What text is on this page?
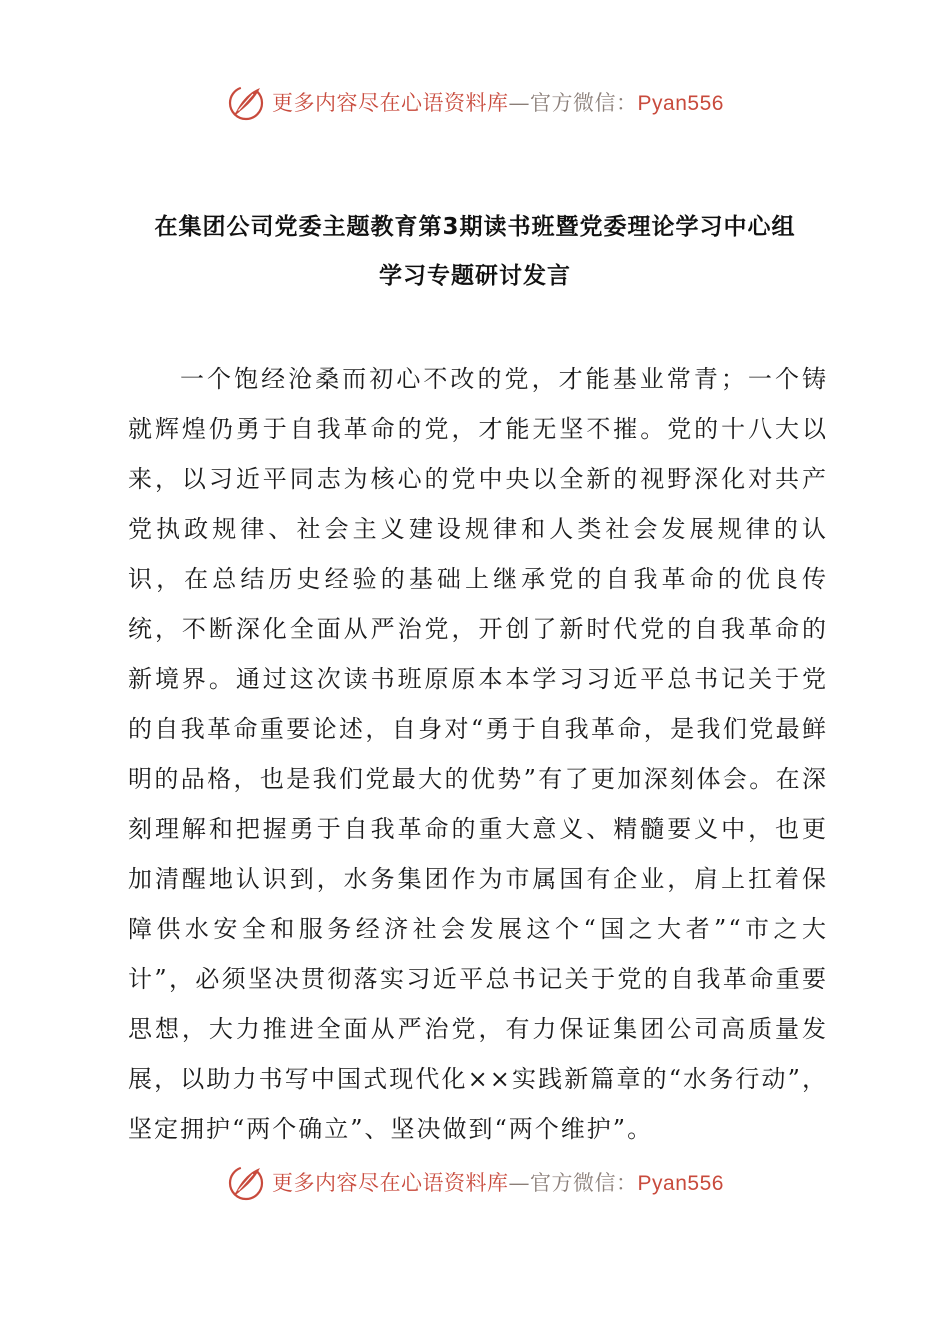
更多内容尽在心语资料库—官方微信：Pyan556
在集团公司党委主题教育第3期读书班暨党委理论学习中心组
学习专题研讨发言

一个饱经沧桑而初心不改的党，才能基业常青；一个铸就辉煌仍勇于自我革命的党，才能无坚不摧。党的十八大以来，以习近平同志为核心的党中央以全新的视野深化对共产党执政规律、社会主义建设规律和人类社会发展规律的认识，在总结历史经验的基础上继承党的自我革命的优良传统，不断深化全面从严治党，开创了新时代党的自我革命的新境界。通过这次读书班原原本本学习习近平总书记关于党的自我革命重要论述，自身对“勇于自我革命，是我们党最鲜明的品格，也是我们党最大的优势”有了更加深刻体会。在深刻理解和把握勇于自我革命的重大意义、精髓要义中，也更加清醒地认识到，水务集团作为市属国有企业，肩上扛着保障供水安全和服务经济社会发展这个“国之大者”“市之大计”，必须坚决贯彻落实习近平总书记关于党的自我革命重要思想，大力推进全面从严治党，有力保证集团公司高质量发展，以助力书写中国式现代化××实践新篇章的“水务行动”，坚定拥护“两个确立”、坚决做到“两个维护”。

更多内容尽在心语资料库—官方微信：Pyan556
